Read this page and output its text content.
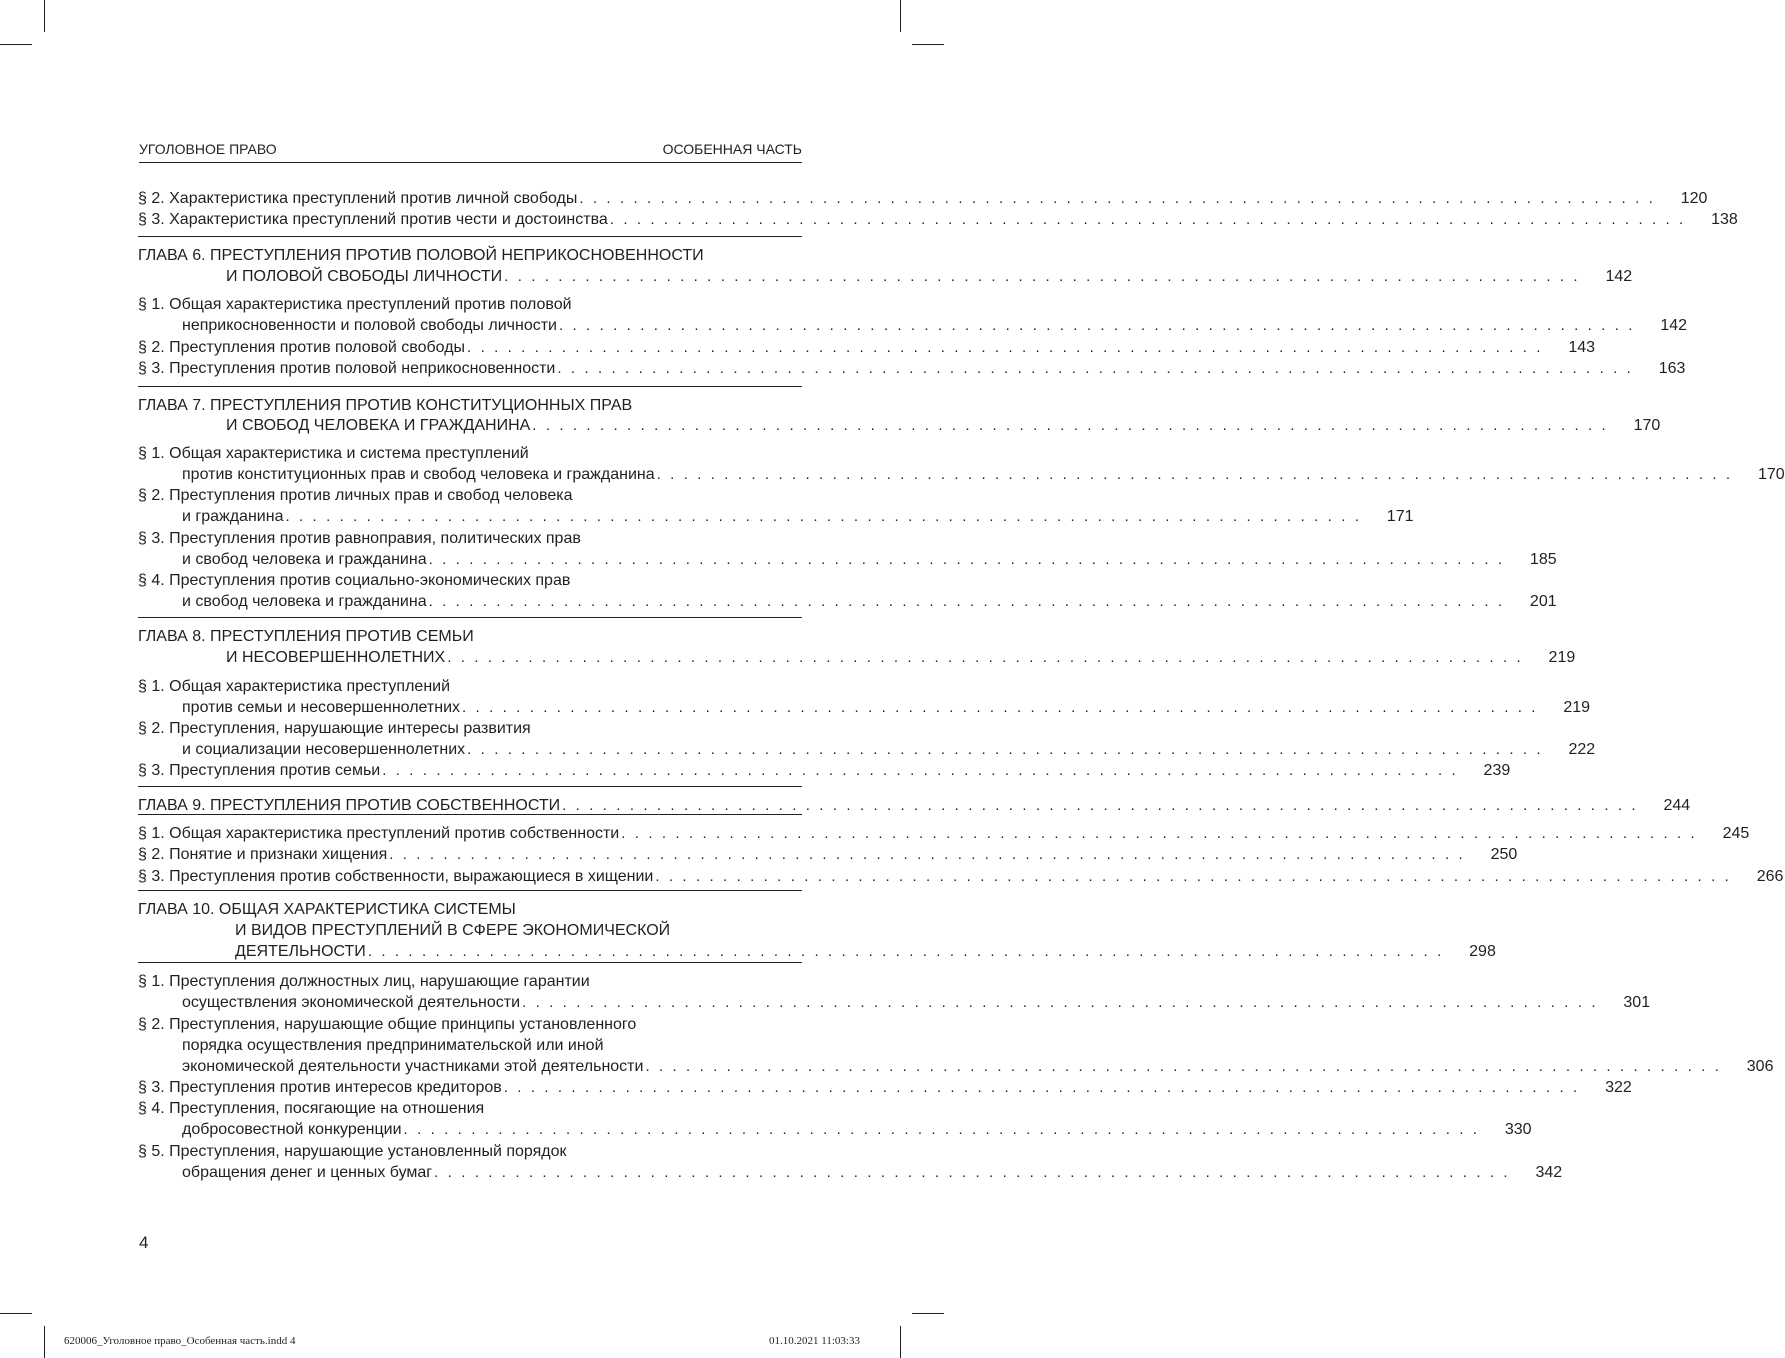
УГОЛОВНОЕ ПРАВО	ОСОБЕННАЯ ЧАСТЬ
§ 2. Характеристика преступлений против личной свободы . . . . . . . . . . . . . . . . . . . . . . . . . . . . . . . . . . . . . . . . . . . . . . . . . . . . . . . . . . . . . . . . . . . . . . . . . . . . . . . .	120
§ 3. Характеристика преступлений против чести и достоинства . . . . . . . . . . . . . . . . . . . . . . . . . . . . . . . . . . . . . . . . . . . . . . . . . . . . . . . . . . . . . . . . . . . . . . . . . . . . . . . .	138
ГЛАВА 6. ПРЕСТУПЛЕНИЯ ПРОТИВ ПОЛОВОЙ НЕПРИКОСНОВЕННОСТИ
И ПОЛОВОЙ СВОБОДЫ ЛИЧНОСТИ . . . . . . . . . . . . . . . . . . . . . . . . . . . . . . . . . . . . . . . . . . . . . . . . . . . . . . . . . . . . . . . . . . . . . . . . . . . . . . . .	142
§ 1. Общая характеристика преступлений против половой
неприкосновенности и половой свободы личности . . . . . . . . . . . . . . . . . . . . . . . . . . . . . . . . . . . . . . . . . . . . . . . . . . . . . . . . . . . . . . . . . . . . . . . . . . . . . . . .	142
§ 2. Преступления против половой свободы . . . . . . . . . . . . . . . . . . . . . . . . . . . . . . . . . . . . . . . . . . . . . . . . . . . . . . . . . . . . . . . . . . . . . . . . . . . . . . . .	143
§ 3. Преступления против половой неприкосновенности . . . . . . . . . . . . . . . . . . . . . . . . . . . . . . . . . . . . . . . . . . . . . . . . . . . . . . . . . . . . . . . . . . . . . . . . . . . . . . . .	163
ГЛАВА 7. ПРЕСТУПЛЕНИЯ ПРОТИВ КОНСТИТУЦИОННЫХ ПРАВ
И СВОБОД ЧЕЛОВЕКА И ГРАЖДАНИНА . . . . . . . . . . . . . . . . . . . . . . . . . . . . . . . . . . . . . . . . . . . . . . . . . . . . . . . . . . . . . . . . . . . . . . . . . . . . . . . .	170
§ 1. Общая характеристика и система преступлений
против конституционных прав и свобод человека и гражданина . . . . . . . . . . . . . . . . . . . . . . . . . . . . . . . . . . . . . . . . . . . . . . . . . . . . . . . . . . . . . . . . . . . . . . . . . . . . . . . .	170
§ 2. Преступления против личных прав и свобод человека
и гражданина . . . . . . . . . . . . . . . . . . . . . . . . . . . . . . . . . . . . . . . . . . . . . . . . . . . . . . . . . . . . . . . . . . . . . . . . . . . . . . . .	171
§ 3. Преступления против равноправия, политических прав
и свобод человека и гражданина . . . . . . . . . . . . . . . . . . . . . . . . . . . . . . . . . . . . . . . . . . . . . . . . . . . . . . . . . . . . . . . . . . . . . . . . . . . . . . . .	185
§ 4. Преступления против социально-экономических прав
и свобод человека и гражданина . . . . . . . . . . . . . . . . . . . . . . . . . . . . . . . . . . . . . . . . . . . . . . . . . . . . . . . . . . . . . . . . . . . . . . . . . . . . . . . .	201
ГЛАВА 8. ПРЕСТУПЛЕНИЯ ПРОТИВ СЕМЬИ
И НЕСОВЕРШЕННОЛЕТНИХ . . . . . . . . . . . . . . . . . . . . . . . . . . . . . . . . . . . . . . . . . . . . . . . . . . . . . . . . . . . . . . . . . . . . . . . . . . . . . . . .	219
§ 1. Общая характеристика преступлений
против семьи и несовершеннолетних . . . . . . . . . . . . . . . . . . . . . . . . . . . . . . . . . . . . . . . . . . . . . . . . . . . . . . . . . . . . . . . . . . . . . . . . . . . . . . . .	219
§ 2. Преступления, нарушающие интересы развития
и социализации несовершеннолетних . . . . . . . . . . . . . . . . . . . . . . . . . . . . . . . . . . . . . . . . . . . . . . . . . . . . . . . . . . . . . . . . . . . . . . . . . . . . . . . .	222
§ 3. Преступления против семьи . . . . . . . . . . . . . . . . . . . . . . . . . . . . . . . . . . . . . . . . . . . . . . . . . . . . . . . . . . . . . . . . . . . . . . . . . . . . . . . .	239
ГЛАВА 9. ПРЕСТУПЛЕНИЯ ПРОТИВ СОБСТВЕННОСТИ . . . . . . . . . . . . . . . . . . . . . . . . . . . . . . . . . . . . . . . . . . . . . . . . . . . . . . . . . . . . . . . . . . . . . . . . . . . . . . . .	244
§ 1. Общая характеристика преступлений против собственности . . . . . . . . . . . . . . . . . . . . . . . . . . . . . . . . . . . . . . . . . . . . . . . . . . . . . . . . . . . . . . . . . . . . . . . . . . . . . . . .	245
§ 2. Понятие и признаки хищения . . . . . . . . . . . . . . . . . . . . . . . . . . . . . . . . . . . . . . . . . . . . . . . . . . . . . . . . . . . . . . . . . . . . . . . . . . . . . . . .	250
§ 3. Преступления против собственности, выражающиеся в хищении . . . . . . . . . . . . . . . . . . . . . . . . . . . . . . . . . . . . . . . . . . . . . . . . . . . . . . . . . . . . . . . . . . . . . . . . . . . . . . . .	266
ГЛАВА 10. ОБЩАЯ ХАРАКТЕРИСТИКА СИСТЕМЫ
И ВИДОВ ПРЕСТУПЛЕНИЙ В СФЕРЕ ЭКОНОМИЧЕСКОЙ
ДЕЯТЕЛЬНОСТИ . . . . . . . . . . . . . . . . . . . . . . . . . . . . . . . . . . . . . . . . . . . . . . . . . . . . . . . . . . . . . . . . . . . . . . . . . . . . . . . .	298
§ 1. Преступления должностных лиц, нарушающие гарантии
осуществления экономической деятельности . . . . . . . . . . . . . . . . . . . . . . . . . . . . . . . . . . . . . . . . . . . . . . . . . . . . . . . . . . . . . . . . . . . . . . . . . . . . . . . .	301
§ 2. Преступления, нарушающие общие принципы установленного
порядка осуществления предпринимательской или иной
экономической деятельности участниками этой деятельности . . . . . . . . . . . . . . . . . . . . . . . . . . . . . . . . . . . . . . . . . . . . . . . . . . . . . . . . . . . . . . . . . . . . . . . . . . . . . . . .	306
§ 3. Преступления против интересов кредиторов . . . . . . . . . . . . . . . . . . . . . . . . . . . . . . . . . . . . . . . . . . . . . . . . . . . . . . . . . . . . . . . . . . . . . . . . . . . . . . . .	322
§ 4. Преступления, посягающие на отношения
добросовестной конкуренции . . . . . . . . . . . . . . . . . . . . . . . . . . . . . . . . . . . . . . . . . . . . . . . . . . . . . . . . . . . . . . . . . . . . . . . . . . . . . . . .	330
§ 5. Преступления, нарушающие установленный порядок
обращения денег и ценных бумаг . . . . . . . . . . . . . . . . . . . . . . . . . . . . . . . . . . . . . . . . . . . . . . . . . . . . . . . . . . . . . . . . . . . . . . . . . . . . . . . .	342
4
620006_Уголовное право_Особенная часть.indd 4	01.10.2021 11:03:33
